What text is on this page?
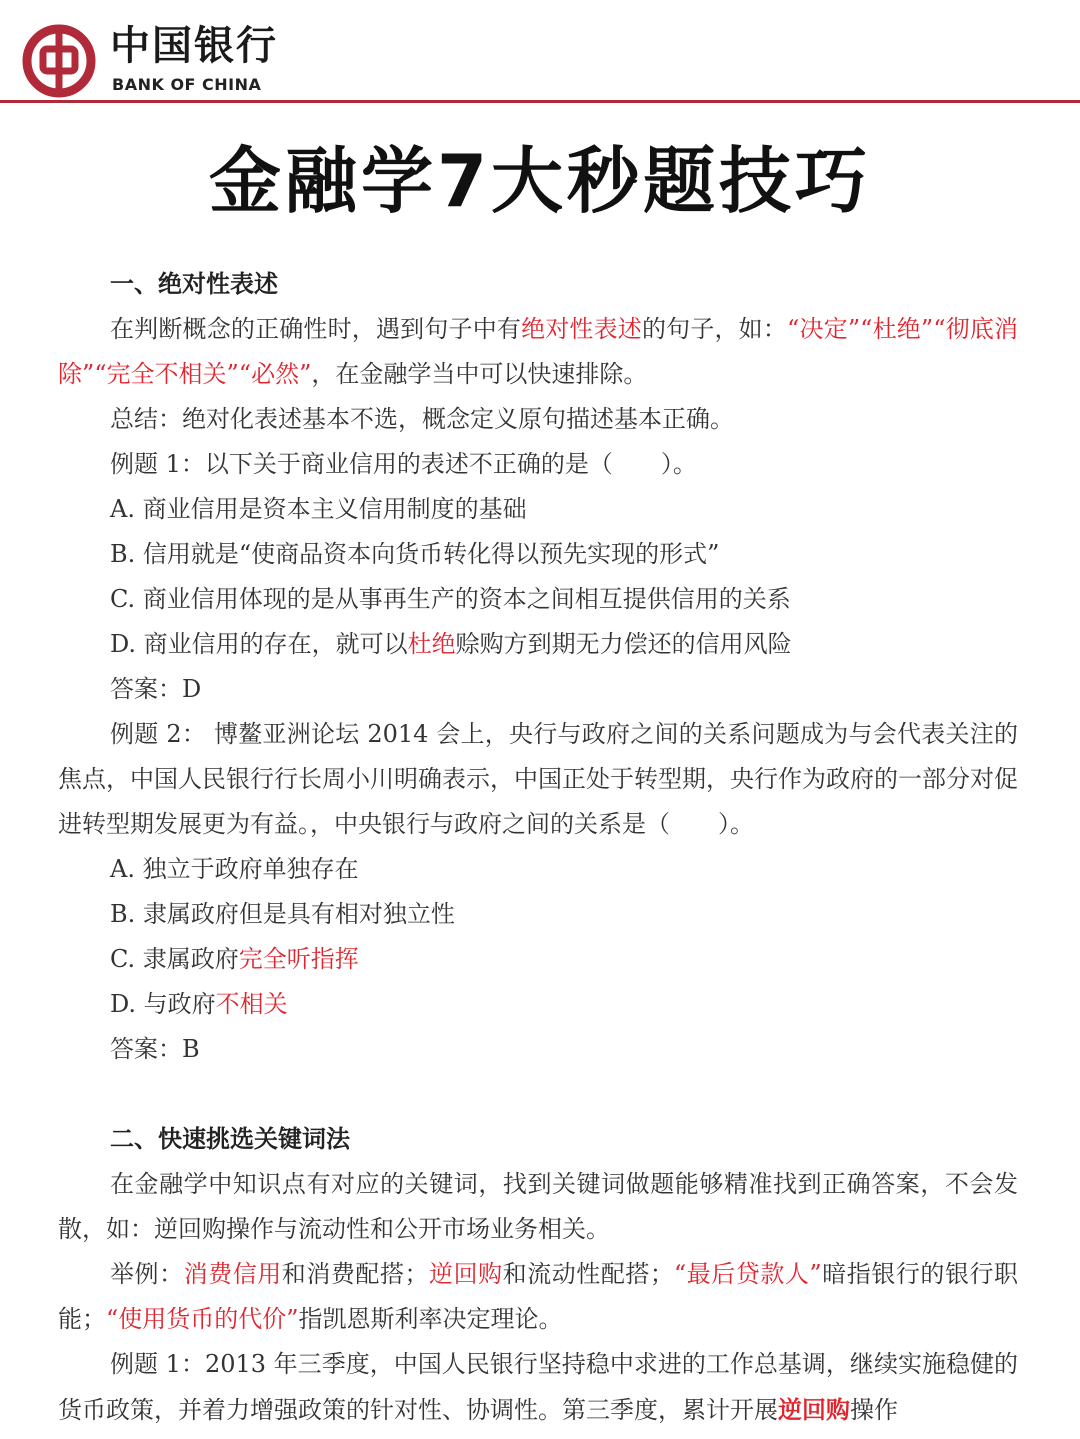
中国银行
BANK OF CHINA
金融学7大秒题技巧

一、绝对性表述

在判断概念的正确性时，遇到句子中有绝对性表述的句子，如：“决定”“杜绝”“彻底消除”“完全不相关”“必然”，在金融学当中可以快速排除。

总结：绝对化表述基本不选，概念定义原句描述基本正确。

例题 1：以下关于商业信用的表述不正确的是（　　）。

A. 商业信用是资本主义信用制度的基础

B. 信用就是“使商品资本向货币转化得以预先实现的形式”

C. 商业信用体现的是从事再生产的资本之间相互提供信用的关系

D. 商业信用的存在，就可以杜绝赊购方到期无力偿还的信用风险

答案：D

例题 2： 博鳌亚洲论坛 2014 会上，央行与政府之间的关系问题成为与会代表关注的焦点，中国人民银行行长周小川明确表示，中国正处于转型期，央行作为政府的一部分对促进转型期发展更为有益。，中央银行与政府之间的关系是（　　）。

A. 独立于政府单独存在

B. 隶属政府但是具有相对独立性

C. 隶属政府完全听指挥

D. 与政府不相关

答案：B

二、快速挑选关键词法

在金融学中知识点有对应的关键词，找到关键词做题能够精准找到正确答案，不会发散，如：逆回购操作与流动性和公开市场业务相关。

举例：消费信用和消费配搭；逆回购和流动性配搭；“最后贷款人”暗指银行的银行职能；“使用货币的代价”指凯恩斯利率决定理论。

例题 1：2013 年三季度，中国人民银行坚持稳中求进的工作总基调，继续实施稳健的货币政策，并着力增强政策的针对性、协调性。第三季度，累计开展逆回购操作
